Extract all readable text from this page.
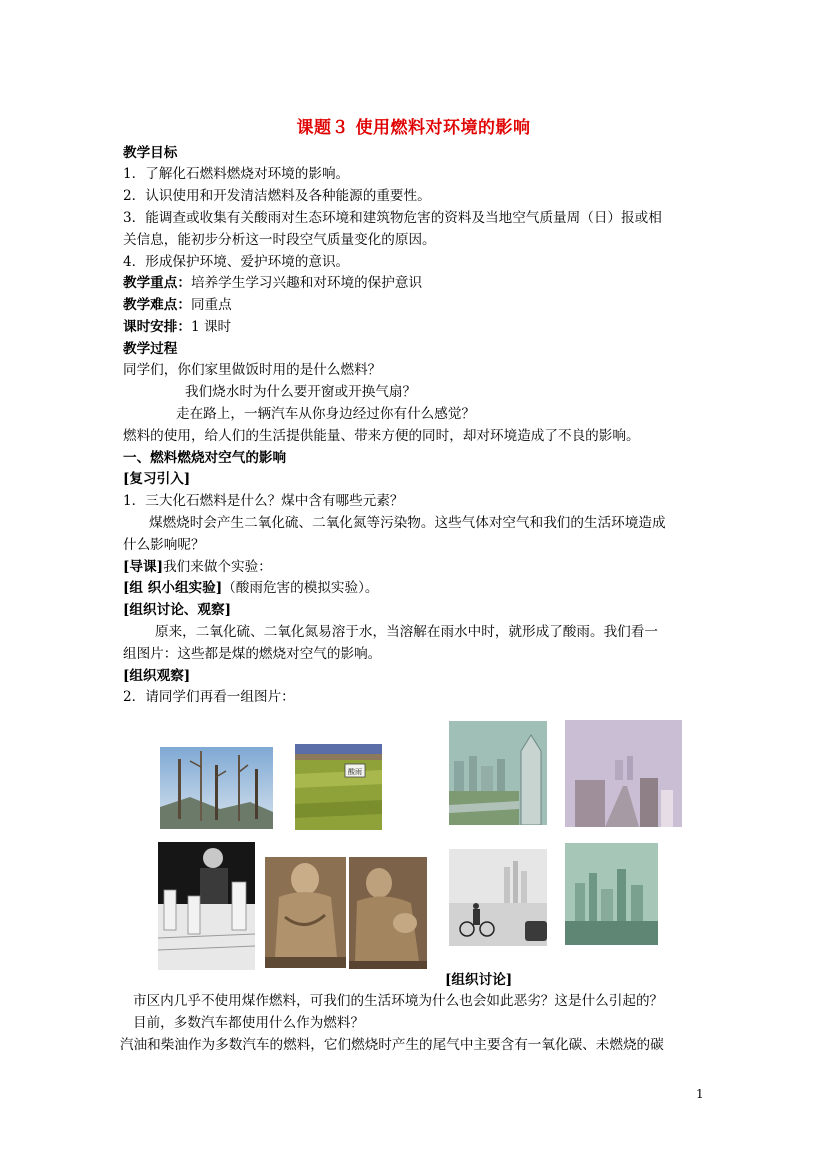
课题３ 使用燃料对环境的影响
教学目标
1．了解化石燃料燃烧对环境的影响。
2．认识使用和开发清洁燃料及各种能源的重要性。
3．能调查或收集有关酸雨对生态环境和建筑物危害的资料及当地空气质量周（日）报或相
关信息，能初步分析这一时段空气质量变化的原因。
4．形成保护环境、爱护环境的意识。
教学重点：培养学生学习兴趣和对环境的保护意识
教学难点：同重点
课时安排：1 课时
教学过程
同学们，你们家里做饭时用的是什么燃料？
我们烧水时为什么要开窗或开换气扇？
走在路上，一辆汽车从你身边经过你有什么感觉？
燃料的使用，给人们的生活提供能量、带来方便的同时，却对环境造成了不良的影响。
一、燃料燃烧对空气的影响
[复习引入]
1．三大化石燃料是什么？煤中含有哪些元素？
煤燃烧时会产生二氧化硫、二氧化氮等污染物。这些气体对空气和我们的生活环境造成
什么影响呢？
[导课]我们来做个实验：
[组 织小组实验]（酸雨危害的模拟实验）。
[组织讨论、观察]
原来，二氧化硫、二氧化氮易溶于水，当溶解在雨水中时，就形成了酸雨。我们看一
组图片：这些都是煤的燃烧对空气的影响。
[组织观察]
2．请同学们再看一组图片：
酸雨
[组织讨论]
市区内几乎不使用煤作燃料，可我们的生活环境为什么也会如此恶劣？这是什么引起的？
目前，多数汽车都使用什么作为燃料？
汽油和柴油作为多数汽车的燃料，它们燃烧时产生的尾气中主要含有一氧化碳、未燃烧的碳
1
